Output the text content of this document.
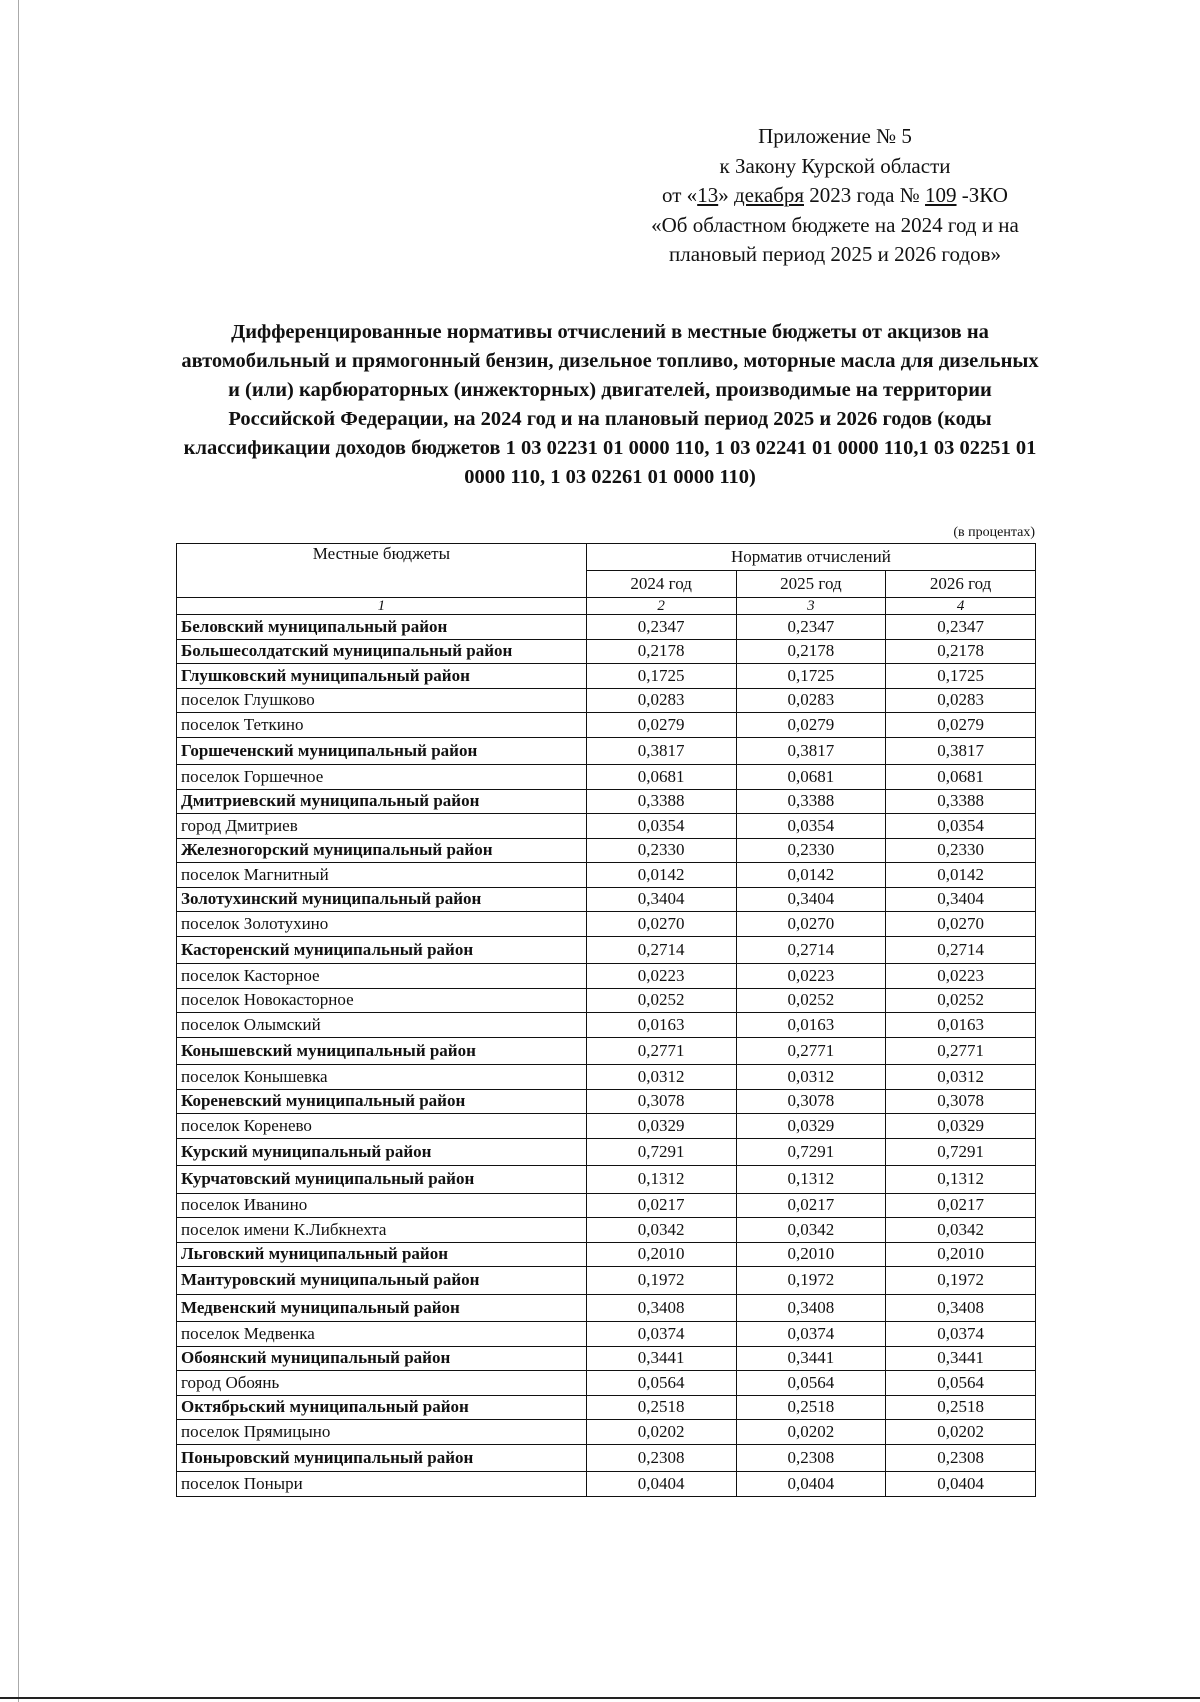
Приложение № 5
к Закону Курской области
от «13» декабря 2023 года № 109 -ЗКО
«Об областном бюджете на 2024 год и на
плановый период 2025 и 2026 годов»
Дифференцированные нормативы отчислений в местные бюджеты от акцизов на автомобильный и прямогонный бензин, дизельное топливо, моторные масла для дизельных и (или) карбюраторных (инжекторных) двигателей, производимые на территории Российской Федерации, на 2024 год и на плановый период 2025 и 2026 годов (коды классификации доходов бюджетов 1 03 02231 01 0000 110, 1 03 02241 01 0000 110,1 03 02251 01 0000 110, 1 03 02261 01 0000 110)
(в процентах)
Местные бюджеты	Норматив отчислений		
	2024 год	2025 год	2026 год
1	2	3	4
Беловский муниципальный район	0,2347	0,2347	0,2347
Большесолдатский муниципальный район	0,2178	0,2178	0,2178
Глушковский муниципальный район	0,1725	0,1725	0,1725
поселок Глушково	0,0283	0,0283	0,0283
поселок Теткино	0,0279	0,0279	0,0279
Горшеченский муниципальный район	0,3817	0,3817	0,3817
поселок Горшечное	0,0681	0,0681	0,0681
Дмитриевский муниципальный район	0,3388	0,3388	0,3388
город Дмитриев	0,0354	0,0354	0,0354
Железногорский муниципальный район	0,2330	0,2330	0,2330
поселок Магнитный	0,0142	0,0142	0,0142
Золотухинский муниципальный район	0,3404	0,3404	0,3404
поселок Золотухино	0,0270	0,0270	0,0270
Касторенский муниципальный район	0,2714	0,2714	0,2714
поселок Касторное	0,0223	0,0223	0,0223
поселок Новокасторное	0,0252	0,0252	0,0252
поселок Олымский	0,0163	0,0163	0,0163
Конышевский муниципальный район	0,2771	0,2771	0,2771
поселок Конышевка	0,0312	0,0312	0,0312
Кореневский муниципальный район	0,3078	0,3078	0,3078
поселок Коренево	0,0329	0,0329	0,0329
Курский муниципальный район	0,7291	0,7291	0,7291
Курчатовский муниципальный район	0,1312	0,1312	0,1312
поселок Иванино	0,0217	0,0217	0,0217
поселок имени К.Либкнехта	0,0342	0,0342	0,0342
Льговский муниципальный район	0,2010	0,2010	0,2010
Мантуровский муниципальный район	0,1972	0,1972	0,1972
Медвенский муниципальный район	0,3408	0,3408	0,3408
поселок Медвенка	0,0374	0,0374	0,0374
Обоянский муниципальный район	0,3441	0,3441	0,3441
город Обоянь	0,0564	0,0564	0,0564
Октябрьский муниципальный район	0,2518	0,2518	0,2518
поселок Прямицыно	0,0202	0,0202	0,0202
Поныровский муниципальный район	0,2308	0,2308	0,2308
поселок Поныри	0,0404	0,0404	0,0404
